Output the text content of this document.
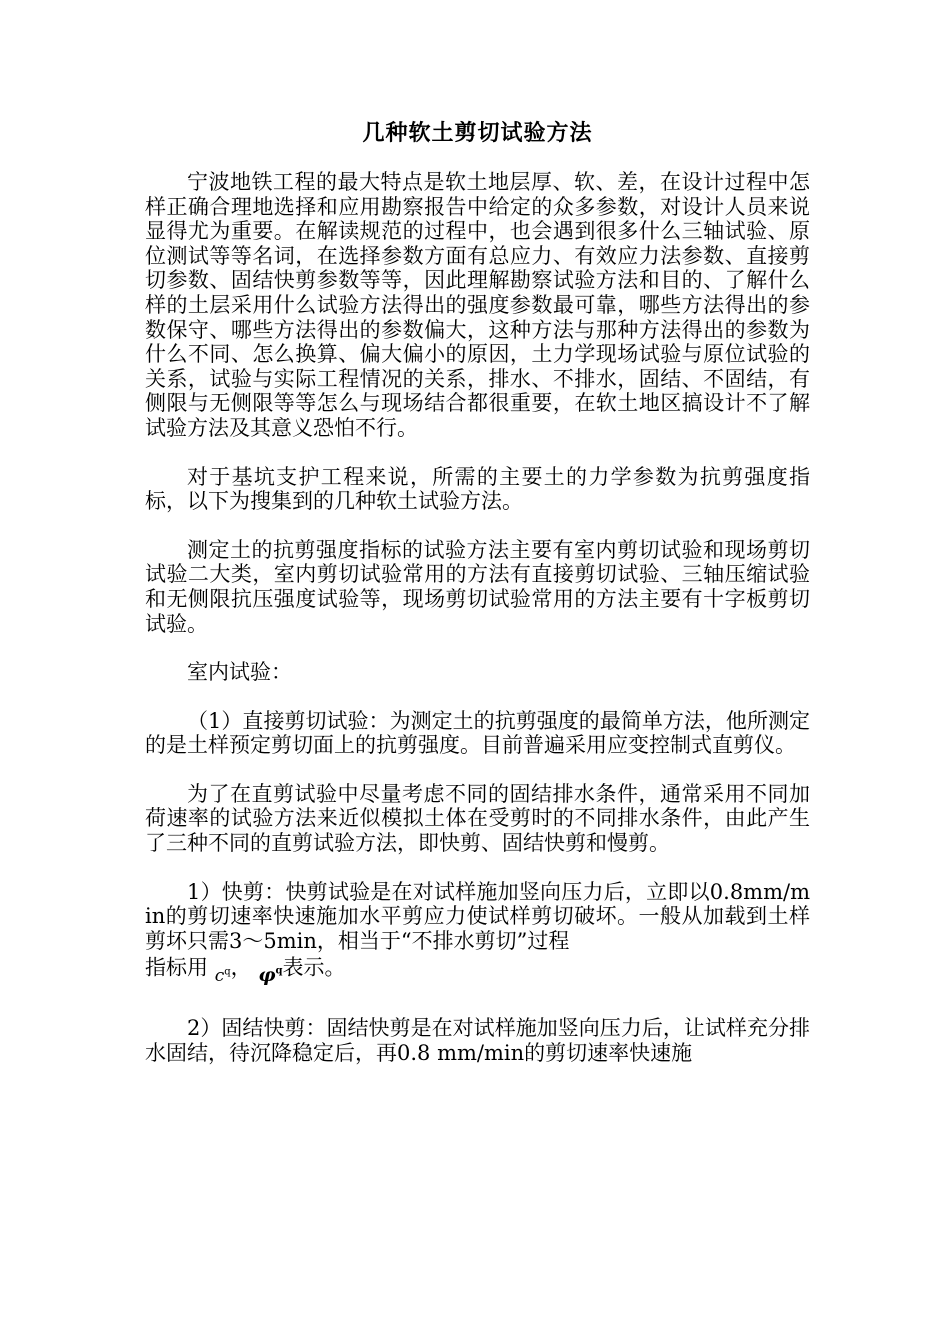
几种软土剪切试验方法

宁波地铁工程的最大特点是软土地层厚、软、差，在设计过程中怎样正确合理地选择和应用勘察报告中给定的众多参数，对设计人员来说显得尤为重要。在解读规范的过程中，也会遇到很多什么三轴试验、原位测试等等名词，在选择参数方面有总应力、有效应力法参数、直接剪切参数、固结快剪参数等等，因此理解勘察试验方法和目的、了解什么样的土层采用什么试验方法得出的强度参数最可靠，哪些方法得出的参数保守、哪些方法得出的参数偏大，这种方法与那种方法得出的参数为什么不同、怎么换算、偏大偏小的原因，土力学现场试验与原位试验的关系，试验与实际工程情况的关系，排水、不排水，固结、不固结，有侧限与无侧限等等怎么与现场结合都很重要，在软土地区搞设计不了解试验方法及其意义恐怕不行。

对于基坑支护工程来说，所需的主要土的力学参数为抗剪强度指标，以下为搜集到的几种软土试验方法。

测定土的抗剪强度指标的试验方法主要有室内剪切试验和现场剪切试验二大类，室内剪切试验常用的方法有直接剪切试验、三轴压缩试验和无侧限抗压强度试验等，现场剪切试验常用的方法主要有十字板剪切试验。

室内试验：

（1）直接剪切试验：为测定土的抗剪强度的最简单方法，他所测定的是土样预定剪切面上的抗剪强度。目前普遍采用应变控制式直剪仪。

为了在直剪试验中尽量考虑不同的固结排水条件，通常采用不同加荷速率的试验方法来近似模拟土体在受剪时的不同排水条件，由此产生了三种不同的直剪试验方法，即快剪、固结快剪和慢剪。

1）快剪：快剪试验是在对试样施加竖向压力后，立即以0.8mm/min的剪切速率快速施加水平剪应力使试样剪切破坏。一般从加载到土样剪坏只需3～5min，相当于“不排水剪切”过程
指标用 $_{c^q}$， $\varphi^q$表示。

2）固结快剪：固结快剪是在对试样施加竖向压力后，让试样充分排水固结，待沉降稳定后，再0.8 mm/min的剪切速率快速施
